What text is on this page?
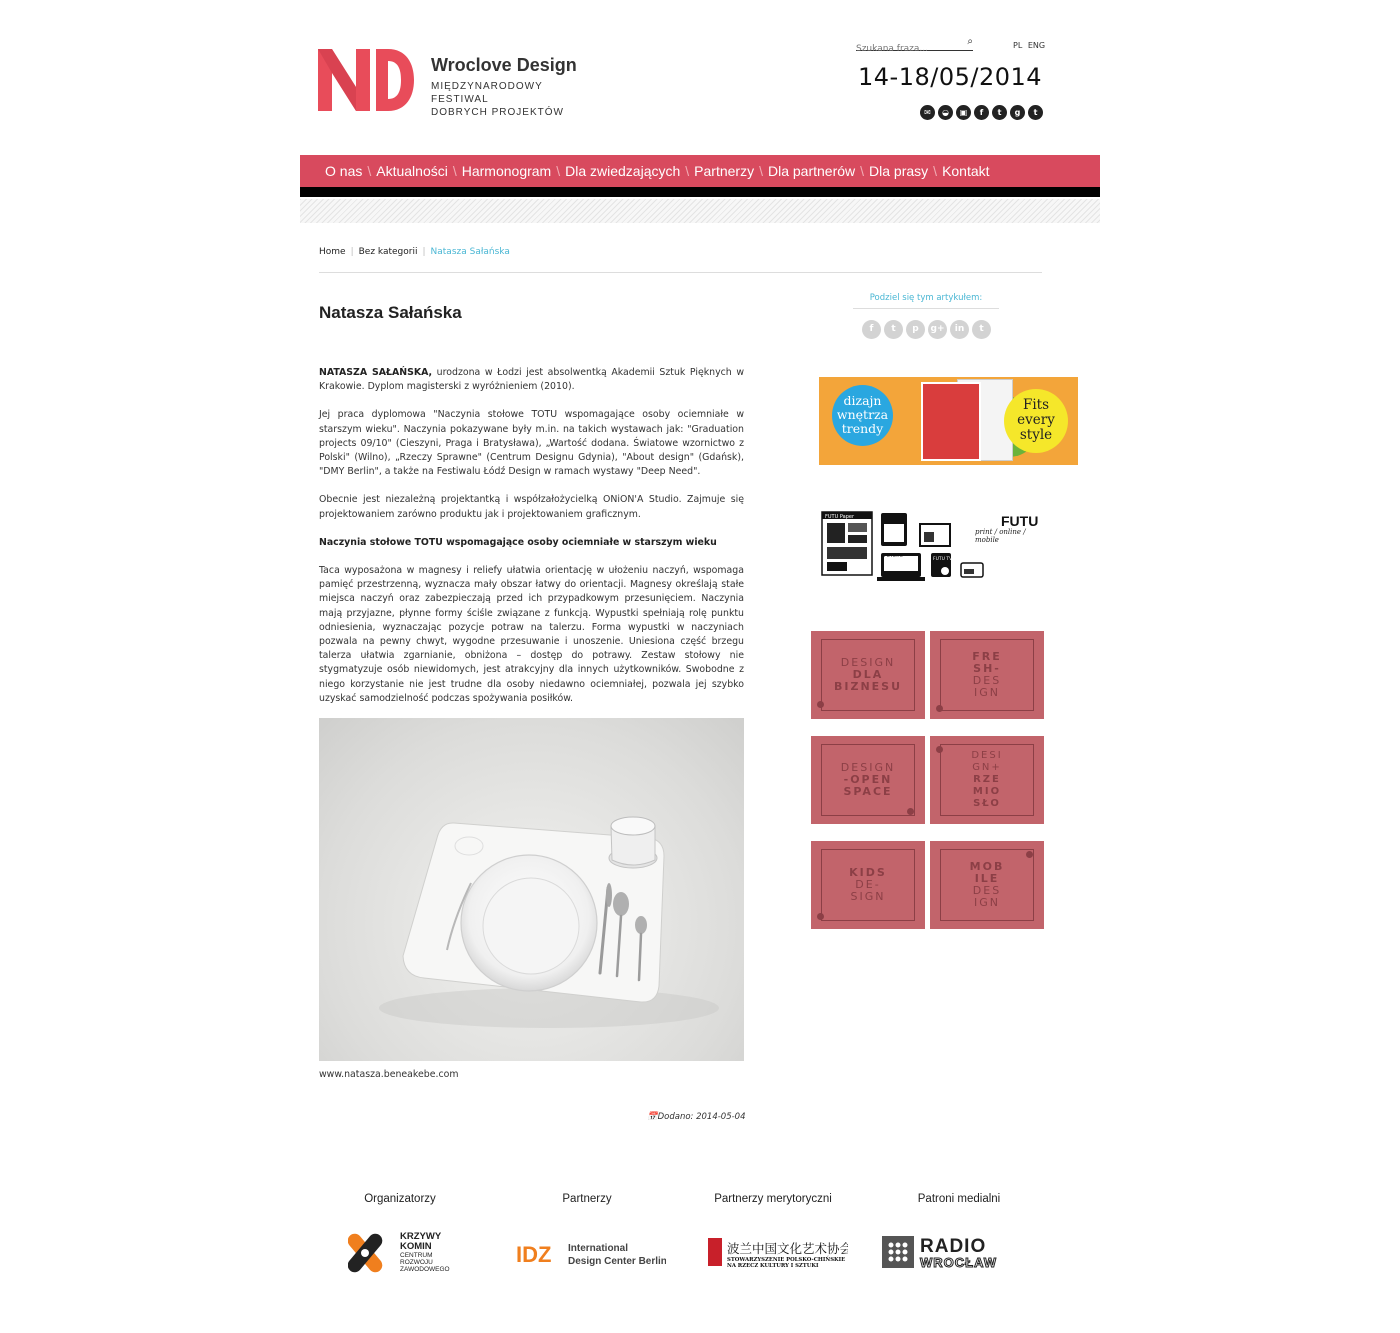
Wroclove Design
MIĘDZYNARODOWY FESTIWAL
DOBRYCH PROJEKTÓW
Szukana fraza...
⌕	PL ENG
14-18/05/2014
✉	◒	▣	f	t	g	t
O nas \ Aktualności \ Harmonogram \ Dla zwiedzających \ Partnerzy \ Dla partnerów \ Dla prasy \ Kontakt
Home | Bez kategorii | Natasza Sałańska
Natasza Sałańska

NATASZA SAŁAŃSKA, urodzona w Łodzi jest absolwentką Akademii Sztuk Pięknych w Krakowie. Dyplom magisterski z wyróżnieniem (2010).

Jej praca dyplomowa "Naczynia stołowe TOTU wspomagające osoby ociemniałe w starszym wieku". Naczynia pokazywane były m.in. na takich wystawach jak: "Graduation projects 09/10" (Cieszyni, Praga i Bratysława), „Wartość dodana. Światowe wzornictwo z Polski" (Wilno), „Rzeczy Sprawne" (Centrum Designu Gdynia), "About design" (Gdańsk), "DMY Berlin", a także na Festiwalu Łódź Design w ramach wystawy "Deep Need".

Obecnie jest niezależną projektantką i współzałożycielką ONiON'A Studio. Zajmuje się projektowaniem zarówno produktu jak i projektowaniem graficznym.

Naczynia stołowe TOTU wspomagające osoby ociemniałe w starszym wieku

Taca wyposażona w magnesy i reliefy ułatwia orientację w ułożeniu naczyń, wspomaga pamięć przestrzenną, wyznacza mały obszar łatwy do orientacji. Magnesy określają stałe miejsca naczyń oraz zabezpieczają przed ich przypadkowym przesunięciem. Naczynia mają przyjazne, płynne formy ściśle związane z funkcją. Wypustki spełniają rolę punktu odniesienia, wyznaczając pozycje potraw na talerzu. Forma wypustki w naczyniach pozwala na pewny chwyt, wygodne przesuwanie i unoszenie. Uniesiona część brzegu talerza ułatwia zgarnianie, obniżona – dostęp do potrawy. Zestaw stołowy nie stygmatyzuje osób niewidomych, jest atrakcyjny dla innych użytkowników. Swobodne z niego korzystanie nie jest trudne dla osoby niedawno ociemniałej, pozwala jej szybko uzyskać samodzielność podczas spożywania posiłków.

www.natasza.beneakebe.com
📅Dodano: 2014-05-04
Podziel się tym artykułem:
f	t	p	g+	in	t
dizajn
wnętrza
trendy
Fits
every
style
FUTU Paper
FUTU.PL
FUTU TV
FUTU
print / online / mobile
DESIGN
DLA
BIZNESU
FRE
SH-
DES
IGN
DESIGN
-OPEN
SPACE
DESI
GN+
RZE
MIO
SŁO
KIDS
DE-
SIGN
MOB
ILE
DES
IGN
Organizatorzy	Partnerzy	Partnerzy merytoryczni	Patroni medialni
KRZYWY
KOMIN
CENTRUM
ROZWOJU
ZAWODOWEGO
IDZ International
Design Center Berlin
波兰中国文化艺术协会
STOWARZYSZENIE POLSKO-CHIŃSKIE
NA RZECZ KULTURY I SZTUKI
RADIO
WROCŁAW
